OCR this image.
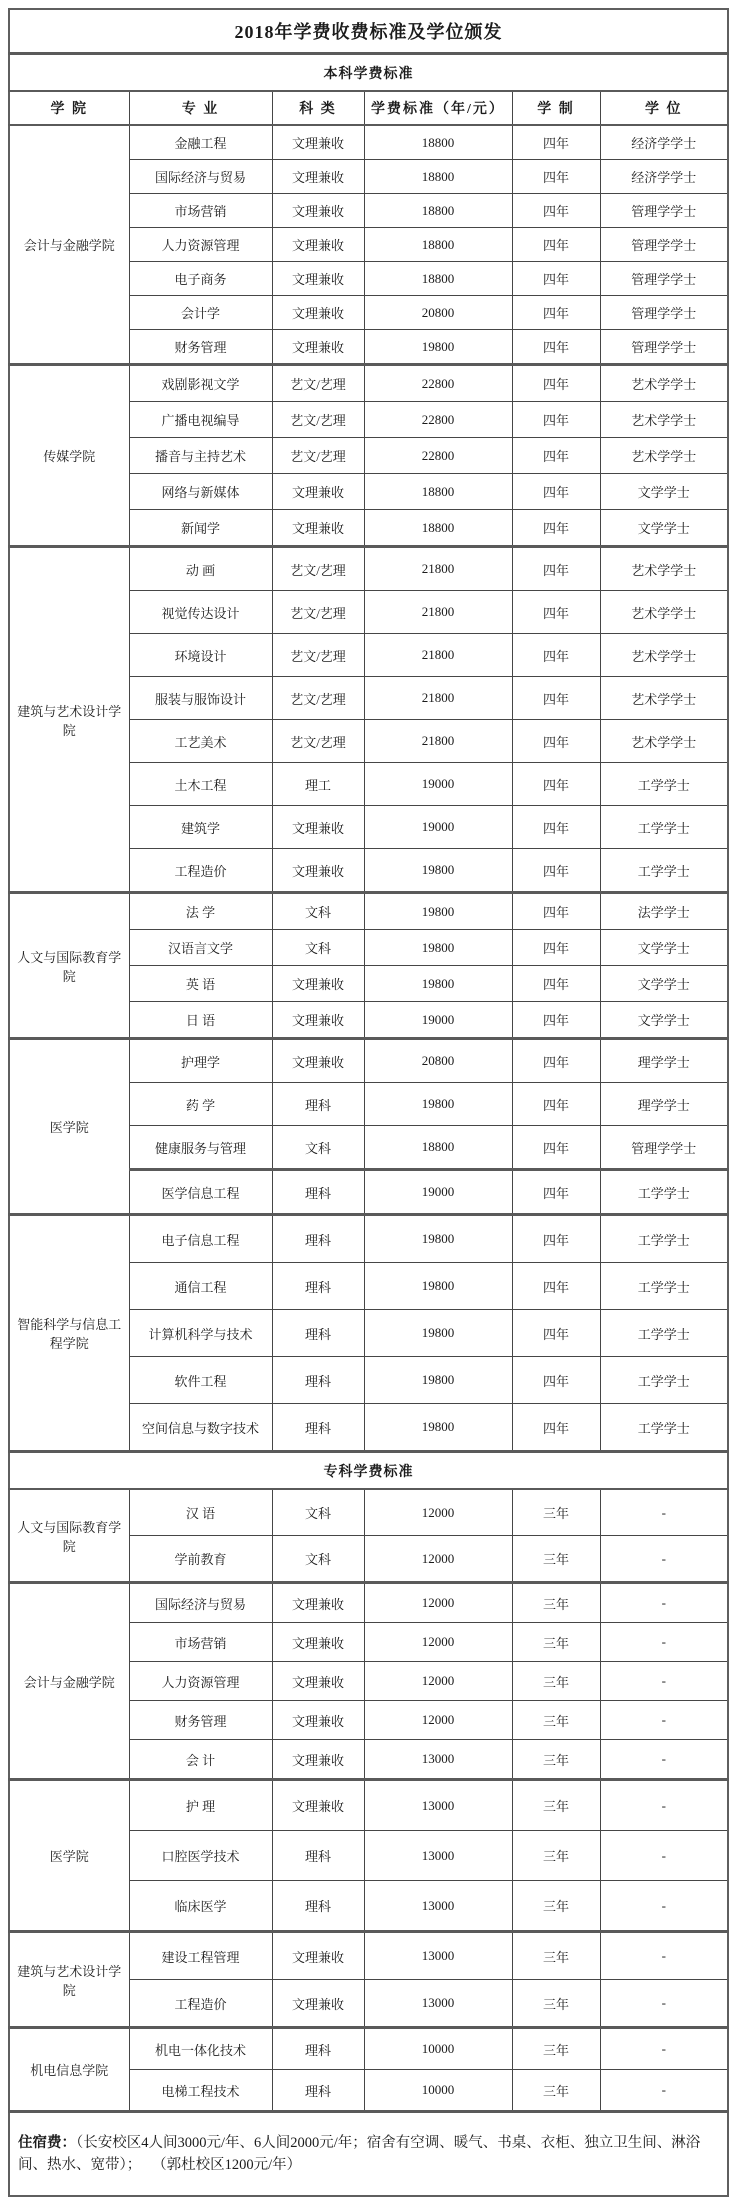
2018年学费收费标准及学位颁发					
本科学费标准					
学 院	专 业	科 类	学费标准（年/元）	学 制	学 位
会计与金融学院	金融工程	文理兼收	18800	四年	经济学学士
	国际经济与贸易	文理兼收	18800	四年	经济学学士
	市场营销	文理兼收	18800	四年	管理学学士
	人力资源管理	文理兼收	18800	四年	管理学学士
	电子商务	文理兼收	18800	四年	管理学学士
	会计学	文理兼收	20800	四年	管理学学士
	财务管理	文理兼收	19800	四年	管理学学士
传媒学院	戏剧影视文学	艺文/艺理	22800	四年	艺术学学士
	广播电视编导	艺文/艺理	22800	四年	艺术学学士
	播音与主持艺术	艺文/艺理	22800	四年	艺术学学士
	网络与新媒体	文理兼收	18800	四年	文学学士
	新闻学	文理兼收	18800	四年	文学学士
建筑与艺术设计学院	动 画	艺文/艺理	21800	四年	艺术学学士
	视觉传达设计	艺文/艺理	21800	四年	艺术学学士
	环境设计	艺文/艺理	21800	四年	艺术学学士
	服装与服饰设计	艺文/艺理	21800	四年	艺术学学士
	工艺美术	艺文/艺理	21800	四年	艺术学学士
	土木工程	理工	19000	四年	工学学士
	建筑学	文理兼收	19000	四年	工学学士
	工程造价	文理兼收	19800	四年	工学学士
人文与国际教育学院	法 学	文科	19800	四年	法学学士
	汉语言文学	文科	19800	四年	文学学士
	英 语	文理兼收	19800	四年	文学学士
	日 语	文理兼收	19000	四年	文学学士
医学院	护理学	文理兼收	20800	四年	理学学士
	药 学	理科	19800	四年	理学学士
	健康服务与管理	文科	18800	四年	管理学学士
	医学信息工程	理科	19000	四年	工学学士
智能科学与信息工程学院	电子信息工程	理科	19800	四年	工学学士
	通信工程	理科	19800	四年	工学学士
	计算机科学与技术	理科	19800	四年	工学学士
	软件工程	理科	19800	四年	工学学士
	空间信息与数字技术	理科	19800	四年	工学学士
专科学费标准					
人文与国际教育学院	汉 语	文科	12000	三年	-
	学前教育	文科	12000	三年	-
会计与金融学院	国际经济与贸易	文理兼收	12000	三年	-
	市场营销	文理兼收	12000	三年	-
	人力资源管理	文理兼收	12000	三年	-
	财务管理	文理兼收	12000	三年	-
	会 计	文理兼收	13000	三年	-
医学院	护 理	文理兼收	13000	三年	-
	口腔医学技术	理科	13000	三年	-
	临床医学	理科	13000	三年	-
建筑与艺术设计学院	建设工程管理	文理兼收	13000	三年	-
	工程造价	文理兼收	13000	三年	-
机电信息学院	机电一体化技术	理科	10000	三年	-
	电梯工程技术	理科	10000	三年	-
住宿费：（长安校区4人间3000元/年、6人间2000元/年；宿舍有空调、暖气、书桌、衣柜、独立卫生间、淋浴间、热水、宽带）；　 （郭杜校区1200元/年）					
